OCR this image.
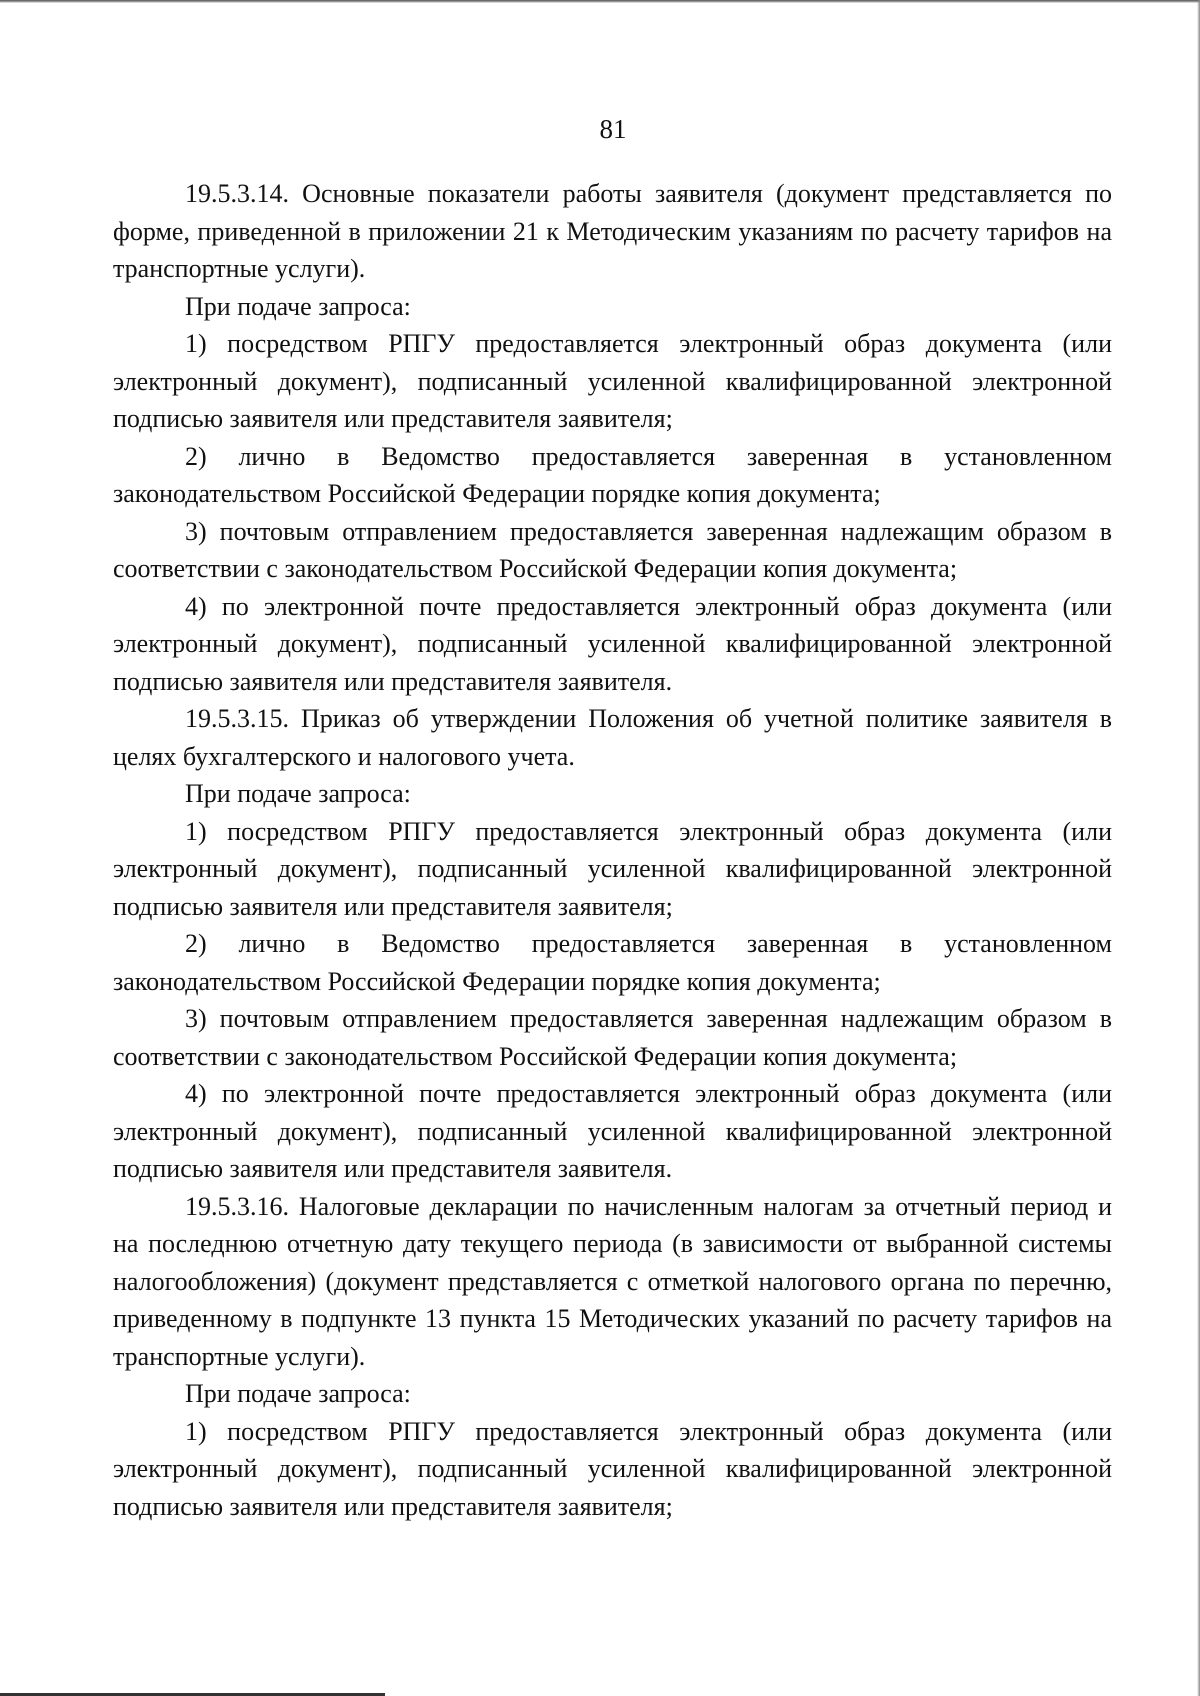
81

19.5.3.14. Основные показатели работы заявителя (документ представляется по форме, приведенной в приложении 21 к Методическим указаниям по расчету тарифов на транспортные услуги).

При подаче запроса:

1) посредством РПГУ предоставляется электронный образ документа (или электронный документ), подписанный усиленной квалифицированной электронной подписью заявителя или представителя заявителя;

2) лично в Ведомство предоставляется заверенная в установленном законодательством Российской Федерации порядке копия документа;

3) почтовым отправлением предоставляется заверенная надлежащим образом в соответствии с законодательством Российской Федерации копия документа;

4) по электронной почте предоставляется электронный образ документа (или электронный документ), подписанный усиленной квалифицированной электронной подписью заявителя или представителя заявителя.

19.5.3.15. Приказ об утверждении Положения об учетной политике заявителя в целях бухгалтерского и налогового учета.

При подаче запроса:

1) посредством РПГУ предоставляется электронный образ документа (или электронный документ), подписанный усиленной квалифицированной электронной подписью заявителя или представителя заявителя;

2) лично в Ведомство предоставляется заверенная в установленном законодательством Российской Федерации порядке копия документа;

3) почтовым отправлением предоставляется заверенная надлежащим образом в соответствии с законодательством Российской Федерации копия документа;

4) по электронной почте предоставляется электронный образ документа (или электронный документ), подписанный усиленной квалифицированной электронной подписью заявителя или представителя заявителя.

19.5.3.16. Налоговые декларации по начисленным налогам за отчетный период и на последнюю отчетную дату текущего периода (в зависимости от выбранной системы налогообложения) (документ представляется с отметкой налогового органа по перечню, приведенному в подпункте 13 пункта 15 Методических указаний по расчету тарифов на транспортные услуги).

При подаче запроса:

1) посредством РПГУ предоставляется электронный образ документа (или электронный документ), подписанный усиленной квалифицированной электронной подписью заявителя или представителя заявителя;
